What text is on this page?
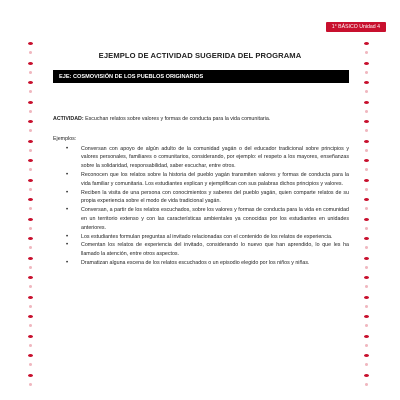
1° BÁSICO Unidad 4
EJEMPLO DE ACTIVIDAD SUGERIDA DEL PROGRAMA
EJE: COSMOVISIÓN DE LOS PUEBLOS ORIGINARIOS

ACTIVIDAD: Escuchan relatos sobre valores y formas de conducta para la vida comunitaria.

Ejemplos:

• Conversan con apoyo de algún adulto de la comunidad yagán o del educador tradicional sobre principios y valores personales, familiares o comunitarios, considerando, por ejemplo: el respeto a los mayores, enseñanzas sobre la solidaridad, responsabilidad, saber escuchar, entre otros.
• Reconocen que los relatos sobre la historia del pueblo yagán transmiten valores y formas de conducta para la vida familiar y comunitaria. Los estudiantes explican y ejemplifican con sus palabras dichos principios y valores.
• Reciben la visita de una persona con conocimientos y saberes del pueblo yagán, quien comparte relatos de su propia experiencia sobre el modo de vida tradicional yagán.
• Conversan, a partir de los relatos escuchados, sobre los valores y formas de conducta para la vida en comunidad en un territorio extenso y con las características ambientales ya conocidas por los estudiantes en unidades anteriores.
• Los estudiantes formulan preguntas al invitado relacionadas con el contenido de los relatos de experiencia.
• Comentan los relatos de experiencia del invitado, considerando lo nuevo que han aprendido, lo que les ha llamado la atención, entre otros aspectos.
• Dramatizan alguna escena de los relatos escuchados o un episodio elegido por los niños y niñas.
